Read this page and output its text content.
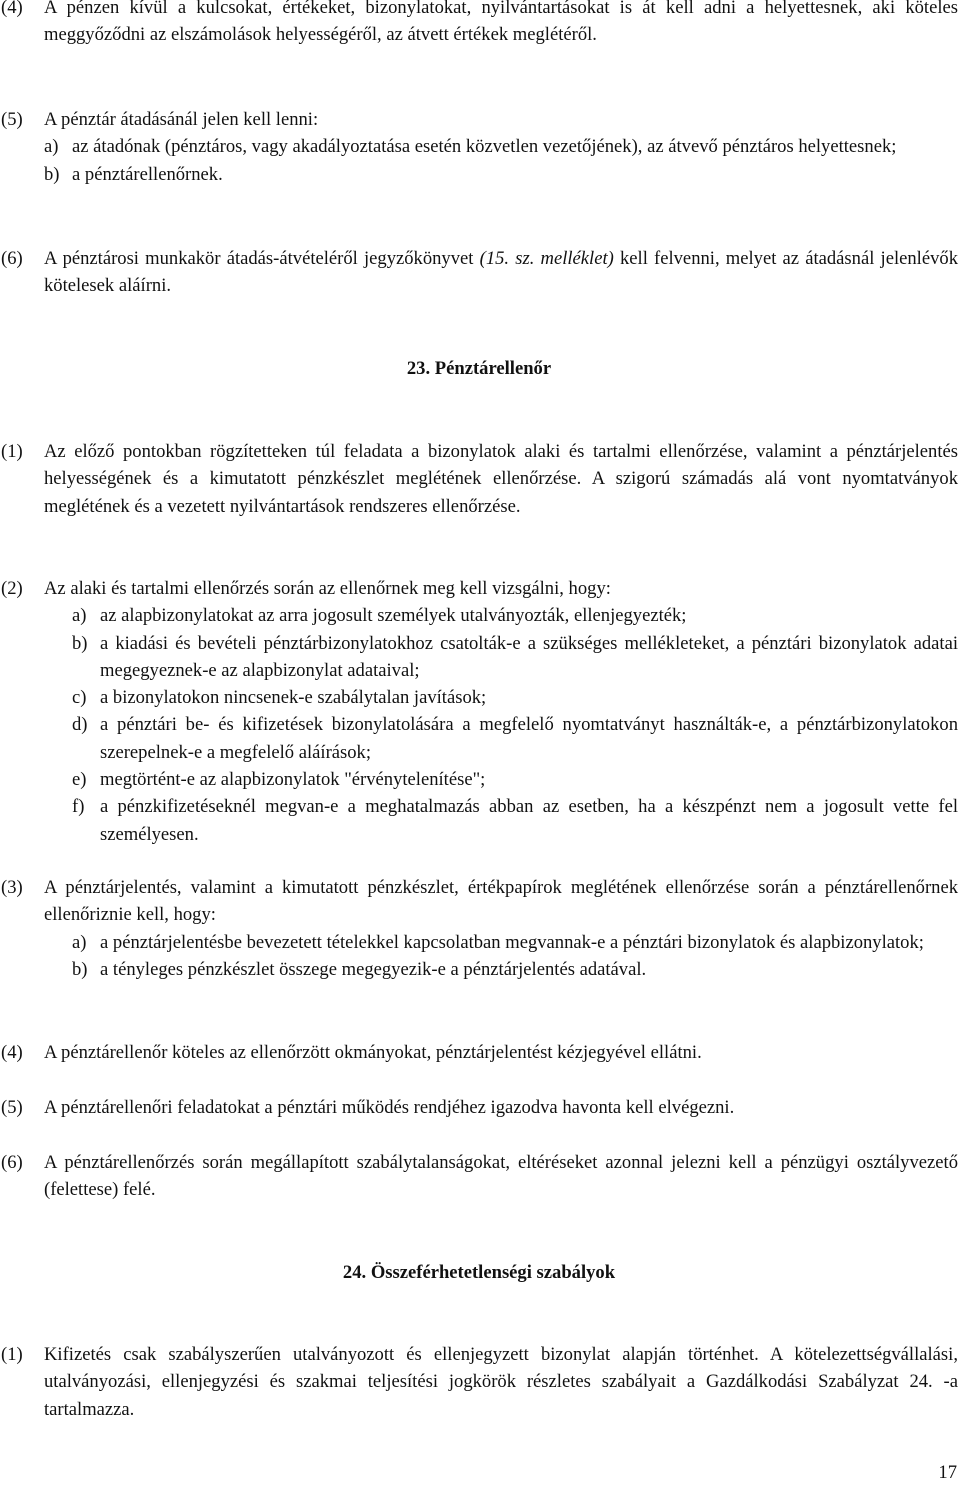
(4) A pénzen kívül a kulcsokat, értékeket, bizonylatokat, nyilvántartásokat is át kell adni a helyettesnek, aki köteles meggyőződni az elszámolások helyességéről, az átvett értékek meglétéről.
(5) A pénztár átadásánál jelen kell lenni:
a) az átadónak (pénztáros, vagy akadályoztatása esetén közvetlen vezetőjének), az átvevő pénztáros helyettesnek;
b) a pénztárellenőrnek.
(6) A pénztárosi munkakör átadás-átvételéről jegyzőkönyvet (15. sz. melléklet) kell felvenni, melyet az átadásnál jelenlévők kötelesek aláírni.
23. Pénztárellenőr
(1) Az előző pontokban rögzítetteken túl feladata a bizonylatok alaki és tartalmi ellenőrzése, valamint a pénztárjelentés helyességének és a kimutatott pénzkészlet meglétének ellenőrzése. A szigorú számadás alá vont nyomtatványok meglétének és a vezetett nyilvántartások rendszeres ellenőrzése.
(2) Az alaki és tartalmi ellenőrzés során az ellenőrnek meg kell vizsgálni, hogy:
a) az alapbizonylatokat az arra jogosult személyek utalványozták, ellenjegyezték;
b) a kiadási és bevételi pénztárbizonylatokhoz csatolták-e a szükséges mellékleteket, a pénztári bizonylatok adatai megegyeznek-e az alapbizonylat adataival;
c) a bizonylatokon nincsenek-e szabálytalan javítások;
d) a pénztári be- és kifizetések bizonylatolására a megfelelő nyomtatványt használták-e, a pénztárbizonylatokon szerepelnek-e a megfelelő aláírások;
e) megtörtént-e az alapbizonylatok "érvénytelenítése";
f) a pénzkifizetéseknél megvan-e a meghatalmazás abban az esetben, ha a készpénzt nem a jogosult vette fel személyesen.
(3) A pénztárjelentés, valamint a kimutatott pénzkészlet, értékpapírok meglétének ellenőrzése során a pénztárellenőrnek ellenőriznie kell, hogy:
a) a pénztárjelentésbe bevezetett tételekkel kapcsolatban megvannak-e a pénztári bizonylatok és alapbizonylatok;
b) a tényleges pénzkészlet összege megegyezik-e a pénztárjelentés adatával.
(4) A pénztárellenőr köteles az ellenőrzött okmányokat, pénztárjelentést kézjegyével ellátni.
(5) A pénztárellenőri feladatokat a pénztári működés rendjéhez igazodva havonta kell elvégezni.
(6) A pénztárellenőrzés során megállapított szabálytalanságokat, eltéréseket azonnal jelezni kell a pénzügyi osztályvezető (felettese) felé.
24. Összeférhetetlenségi szabályok
(1) Kifizetés csak szabályszerűen utalványozott és ellenjegyzett bizonylat alapján történhet. A kötelezettségvállalási, utalványozási, ellenjegyzési és szakmai teljesítési jogkörök részletes szabályait a Gazdálkodási Szabályzat 24. -a tartalmazza.
17
